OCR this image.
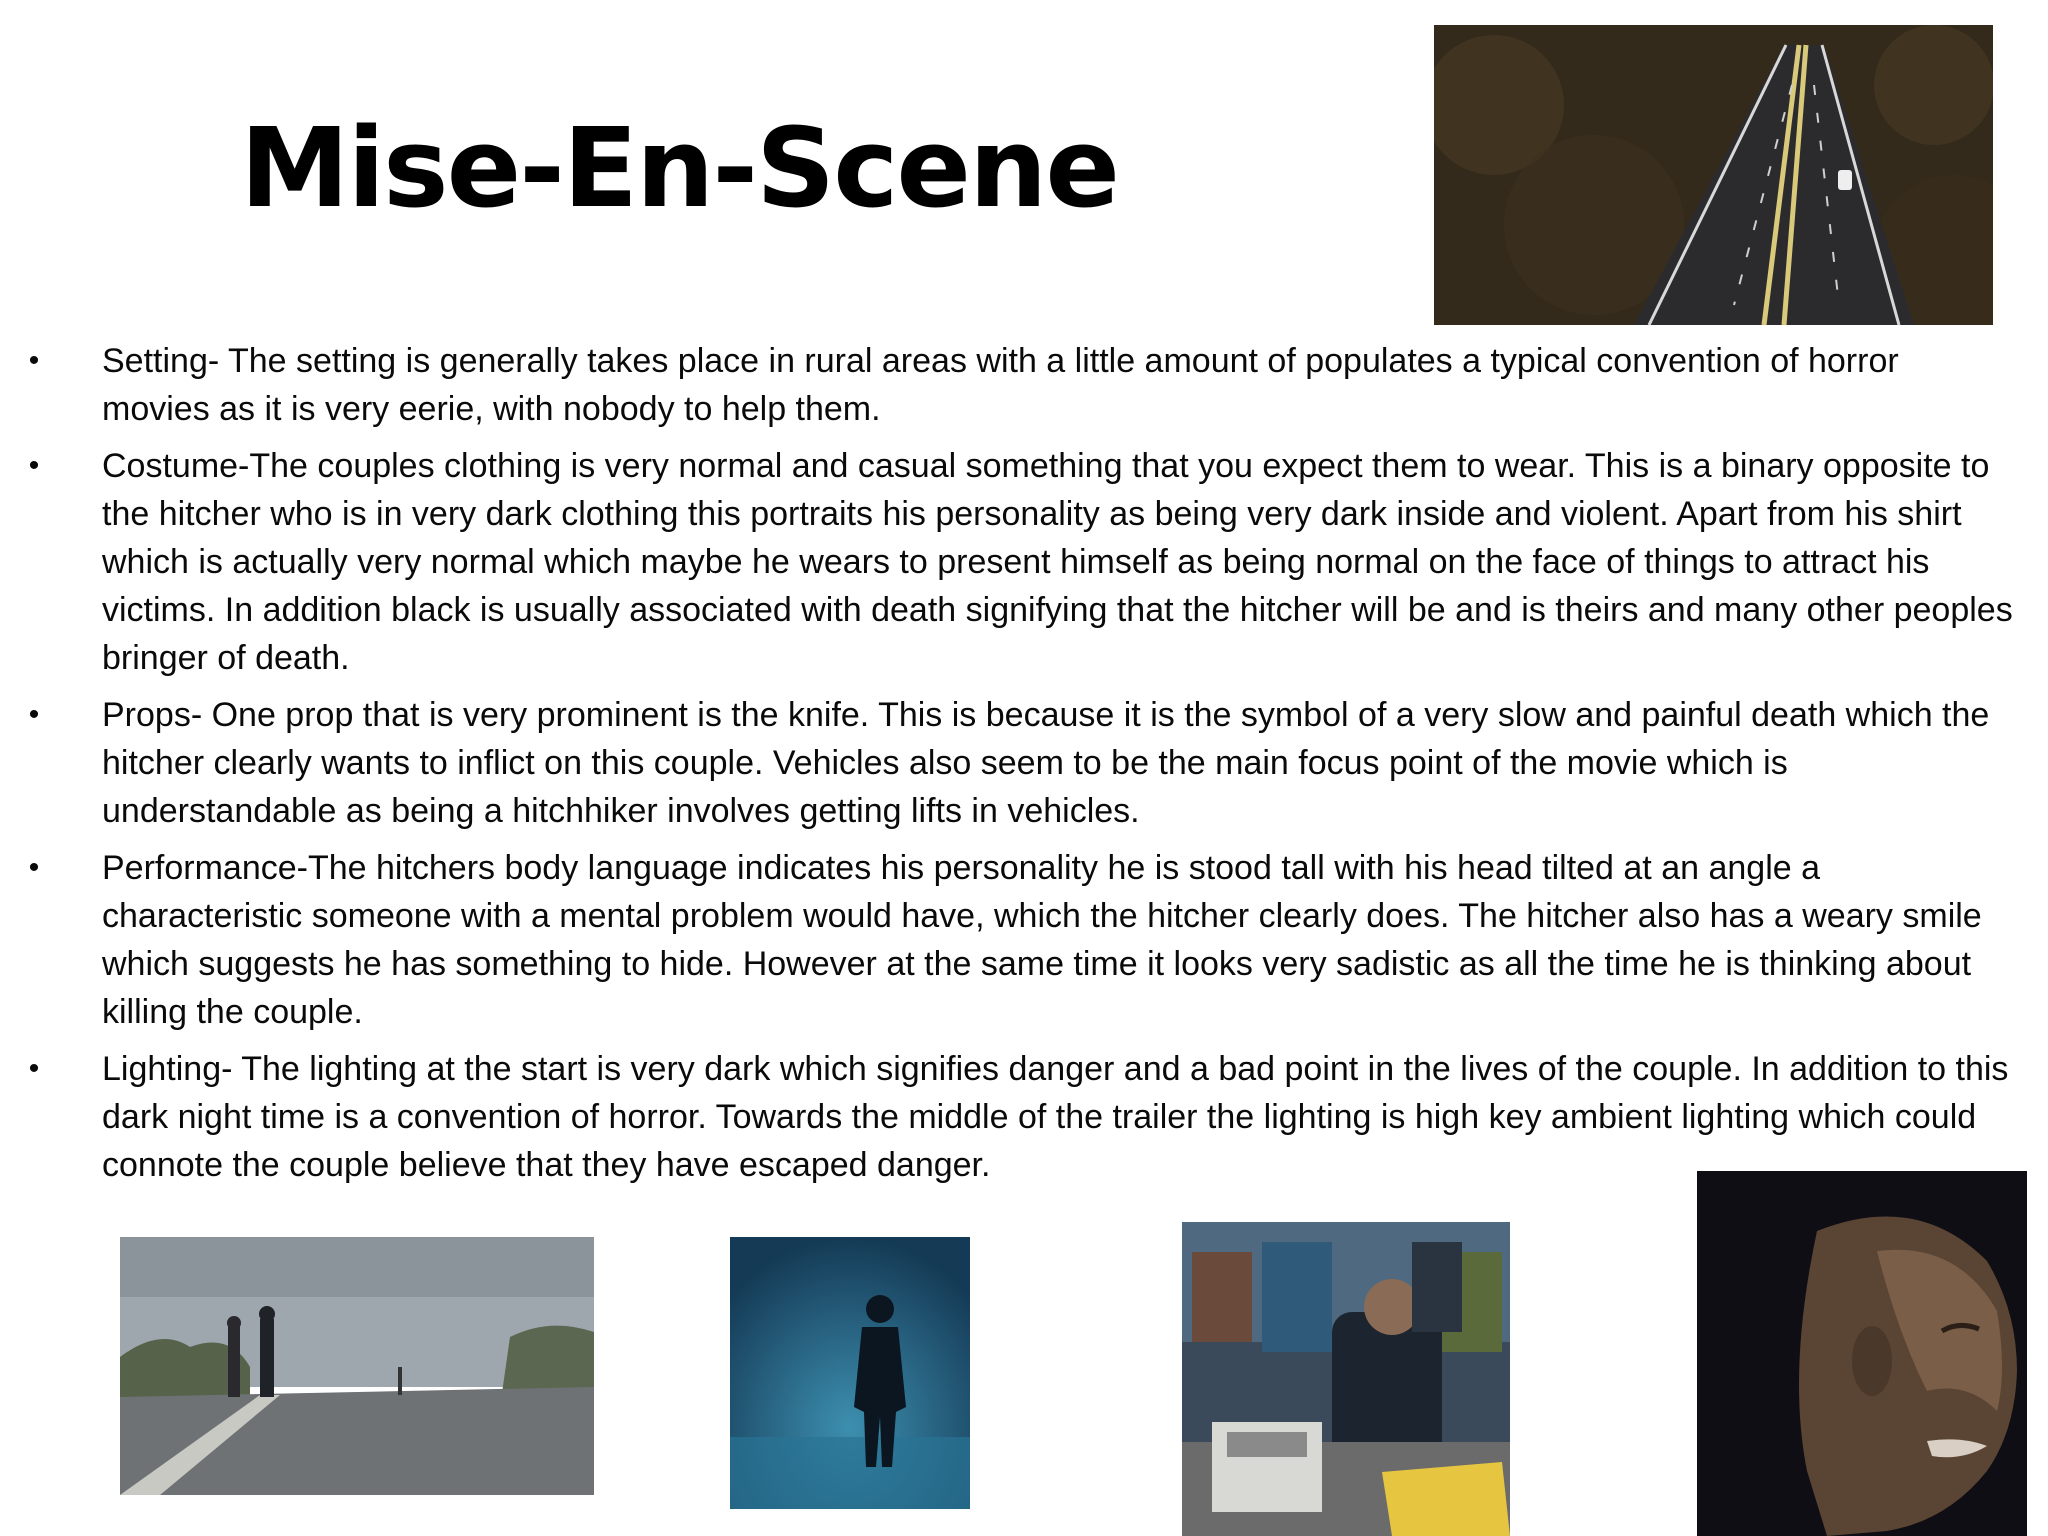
Mise-En-Scene
• Setting- The setting is generally takes place in rural areas with a little amount of populates a typical convention of horror movies as it is very eerie, with nobody to help them.
• Costume-The couples clothing is very normal and casual something that you expect them to wear. This is a binary opposite to the hitcher who is in very dark clothing this portraits his personality as being very dark inside and violent. Apart from his shirt which is actually very normal which maybe he wears to present himself as being normal on the face of things to attract his victims. In addition black is usually associated with death signifying that the hitcher will be and is theirs and many other peoples bringer of death.
• Props- One prop that is very prominent is the knife. This is because it is the symbol of a very slow and painful death which the hitcher clearly wants to inflict on this couple. Vehicles also seem to be the main focus point of the movie which is understandable as being a hitchhiker involves getting lifts in vehicles.
• Performance-The hitchers body language indicates his personality he is stood tall with his head tilted at an angle a characteristic someone with a mental problem would have, which the hitcher clearly does. The hitcher also has a weary smile which suggests he has something to hide. However at the same time it looks very sadistic as all the time he is thinking about killing the couple.
• Lighting- The lighting at the start is very dark which signifies danger and a bad point in the lives of the couple. In addition to this dark night time is a convention of horror. Towards the middle of the trailer the lighting is high key ambient lighting which could connote the couple believe that they have escaped danger.
